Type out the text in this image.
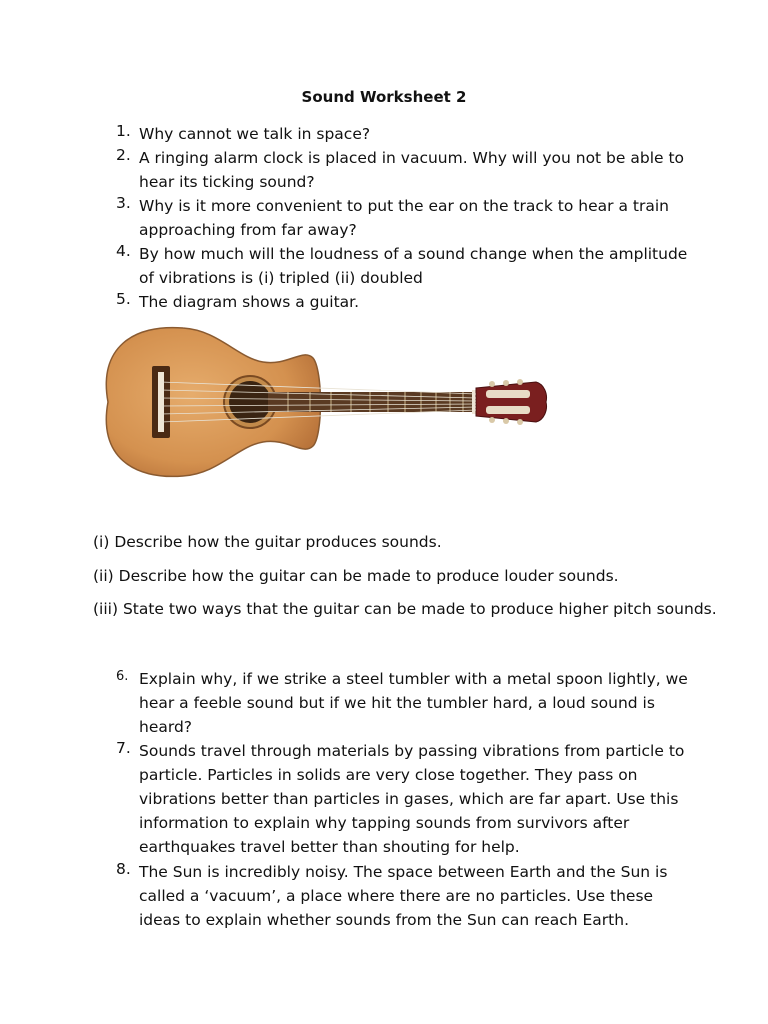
Sound Worksheet 2
1. Why cannot we talk in space?
2. A ringing alarm clock is placed in vacuum. Why will you not be able to hear its ticking sound?
3. Why is it more convenient to put the ear on the track to hear a train approaching from far away?
4. By how much will the loudness of a sound change when the amplitude of vibrations is (i) tripled (ii) doubled
5. The diagram shows a guitar.
(i) Describe how the guitar produces sounds.
(ii) Describe how the guitar can be made to produce louder sounds.
(iii) State two ways that the guitar can be made to produce higher pitch sounds.
6. Explain why, if we strike a steel tumbler with a metal spoon lightly, we hear a feeble sound but if we hit the tumbler hard, a loud sound is heard?
7. Sounds travel through materials by passing vibrations from particle to particle. Particles in solids are very close together. They pass on vibrations better than particles in gases, which are far apart. Use this information to explain why tapping sounds from survivors after earthquakes travel better than shouting for help.
8. The Sun is incredibly noisy. The space between Earth and the Sun is called a ‘vacuum’, a place where there are no particles. Use these ideas to explain whether sounds from the Sun can reach Earth.
